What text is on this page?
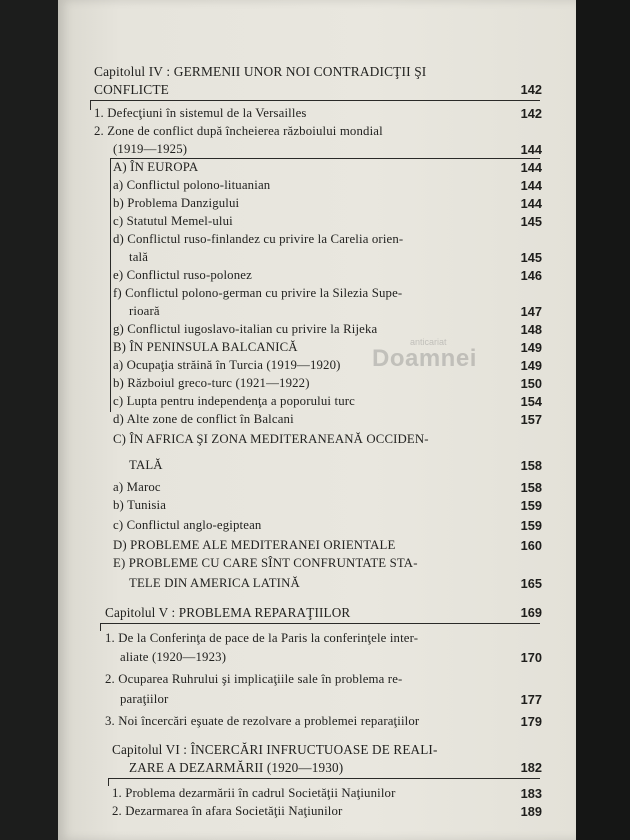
Capitolul IV : GERMENII UNOR NOI CONTRADICŢII ŞI
CONFLICTE	142
1. Defecţiuni în sistemul de la Versailles	142
2. Zone de conflict după încheierea războiului mondial
(1919—1925)	144
A) ÎN EUROPA	144
a) Conflictul polono-lituanian	144
b) Problema Danzigului	144
c) Statutul Memel-ului	145
d) Conflictul ruso-finlandez cu privire la Carelia orien-
tală	145
e) Conflictul ruso-polonez	146
f) Conflictul polono-german cu privire la Silezia Supe-
rioară	147
g) Conflictul iugoslavo-italian cu privire la Rijeka	148
B) ÎN PENINSULA BALCANICĂ	149
a) Ocupaţia străină în Turcia (1919—1920)	149
b) Războiul greco-turc (1921—1922)	150
c) Lupta pentru independenţa a poporului turc	154
d) Alte zone de conflict în Balcani	157
anticariat
Doamnei
C) ÎN AFRICA ŞI ZONA MEDITERANEANĂ OCCIDEN-
TALĂ	158
a) Maroc	158
b) Tunisia	159
c) Conflictul anglo-egiptean	159
D) PROBLEME ALE MEDITERANEI ORIENTALE	160
E) PROBLEME CU CARE SÎNT CONFRUNTATE STA-
TELE DIN AMERICA LATINĂ	165
Capitolul V : PROBLEMA REPARAŢIILOR	169
1. De la Conferinţa de pace de la Paris la conferinţele inter-
aliate (1920—1923)	170
2. Ocuparea Ruhrului şi implicaţiile sale în problema re-
paraţiilor	177
3. Noi încercări eşuate de rezolvare a problemei reparaţiilor	179
Capitolul VI : ÎNCERCĂRI INFRUCTUOASE DE REALI-
ZARE A DEZARMĂRII (1920—1930)	182
1. Problema dezarmării în cadrul Societăţii Naţiunilor	183
2. Dezarmarea în afara Societăţii Naţiunilor	189
